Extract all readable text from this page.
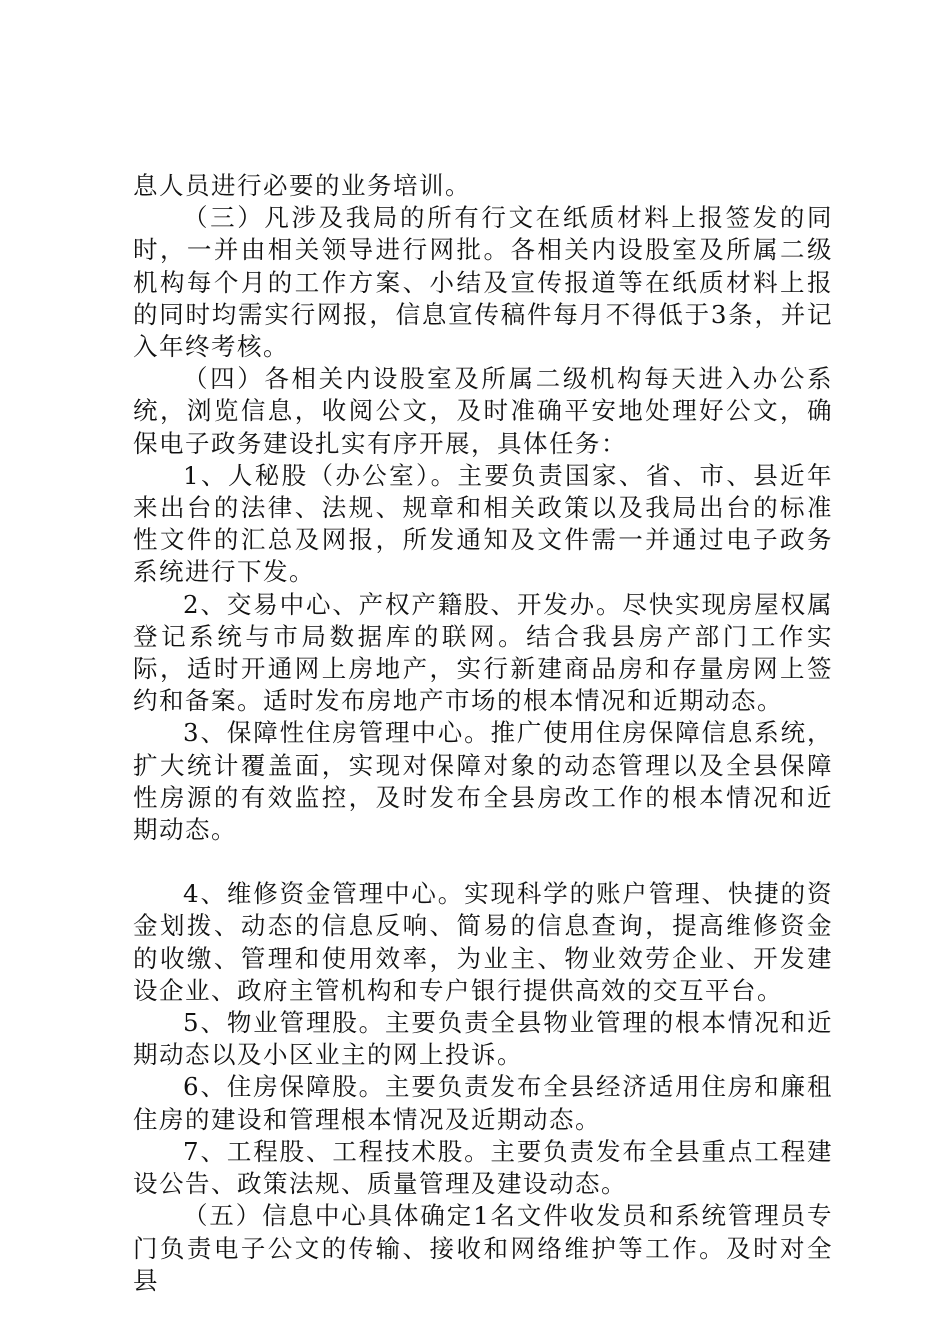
息人员进行必要的业务培训。

（三）凡涉及我局的所有行文在纸质材料上报签发的同时，一并由相关领导进行网批。各相关内设股室及所属二级机构每个月的工作方案、小结及宣传报道等在纸质材料上报的同时均需实行网报，信息宣传稿件每月不得低于3条，并记入年终考核。

（四）各相关内设股室及所属二级机构每天进入办公系统，浏览信息，收阅公文，及时准确平安地处理好公文，确保电子政务建设扎实有序开展，具体任务：

1、人秘股（办公室）。主要负责国家、省、市、县近年来出台的法律、法规、规章和相关政策以及我局出台的标准性文件的汇总及网报，所发通知及文件需一并通过电子政务系统进行下发。

2、交易中心、产权产籍股、开发办。尽快实现房屋权属登记系统与市局数据库的联网。结合我县房产部门工作实际，适时开通网上房地产，实行新建商品房和存量房网上签约和备案。适时发布房地产市场的根本情况和近期动态。

3、保障性住房管理中心。推广使用住房保障信息系统，扩大统计覆盖面，实现对保障对象的动态管理以及全县保障性房源的有效监控，及时发布全县房改工作的根本情况和近期动态。

4、维修资金管理中心。实现科学的账户管理、快捷的资金划拨、动态的信息反响、简易的信息查询，提高维修资金的收缴、管理和使用效率，为业主、物业效劳企业、开发建设企业、政府主管机构和专户银行提供高效的交互平台。

5、物业管理股。主要负责全县物业管理的根本情况和近期动态以及小区业主的网上投诉。

6、住房保障股。主要负责发布全县经济适用住房和廉租住房的建设和管理根本情况及近期动态。

7、工程股、工程技术股。主要负责发布全县重点工程建设公告、政策法规、质量管理及建设动态。

（五）信息中心具体确定1名文件收发员和系统管理员专门负责电子公文的传输、接收和网络维护等工作。及时对全县
